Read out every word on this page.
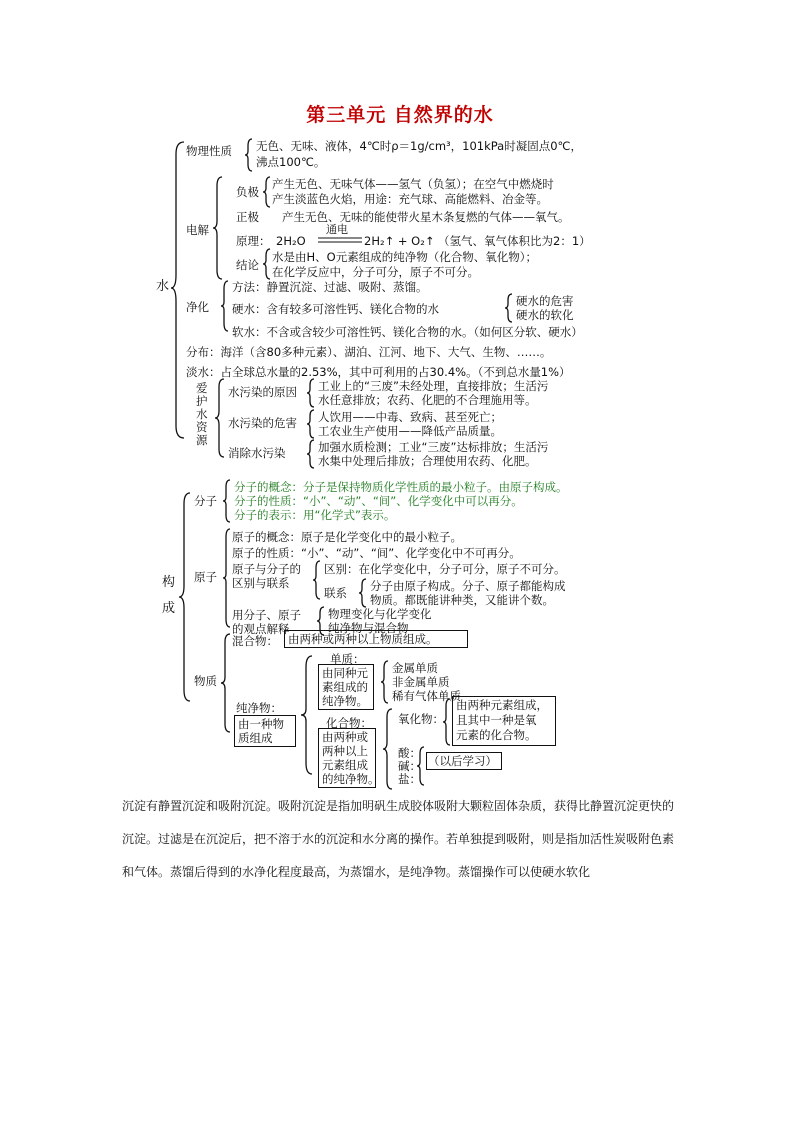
第三单元 自然界的水
水
物理性质 无色、无味、液体，4℃时ρ＝1g/cm³，101kPa时凝固点0℃，
沸点100℃。
电解
负极
产生无色、无味气体——氢气（负氢）；在空气中燃烧时
产生淡蓝色火焰，用途：充气球、高能燃料、冶金等。
正极 产生无色、无味的能使带火星木条复燃的气体——氧气。
原理： 2H₂O
通电
2H₂↑ + O₂↑ （氢气、氧气体积比为2：1）
结论
水是由H、O元素组成的纯净物（化合物、氧化物）；
在化学反应中，分子可分，原子不可分。
净化
方法：静置沉淀、过滤、吸附、蒸馏。
硬水：含有较多可溶性钙、镁化合物的水
硬水的危害
硬水的软化
软水：不含或含较少可溶性钙、镁化合物的水。（如何区分软、硬水）
分布：海洋（含80多种元素）、湖泊、江河、地下、大气、生物、……。
淡水：占全球总水量的2.53%，其中可利用的占30.4%。（不到总水量1%）
爱护水资源
水污染的原因 工业上的“三废”未经处理，直接排放；生活污
水任意排放；农药、化肥的不合理施用等。
水污染的危害 人饮用——中毒、致病、甚至死亡；
工农业生产使用——降低产品质量。
消除水污染	加强水质检测；工业“三废”达标排放；生活污
水集中处理后排放；合理使用农药、化肥。
构成
分子
分子的概念：分子是保持物质化学性质的最小粒子。由原子构成。
分子的性质：“小”、“动”、“间”、化学变化中可以再分。
分子的表示：用“化学式”表示。
原子
原子的概念：原子是化学变化中的最小粒子。
原子的性质：“小”、“动”、“间”、化学变化中不可再分。
原子与分子的
区别与联系
区别：在化学变化中，分子可分，原子不可分。
联系 分子由原子构成。分子、原子都能构成
物质。都既能讲种类，又能讲个数。
用分子、原子
的观点解释
物理变化与化学变化
纯净物与混合物
物质
混合物： 由两种或两种以上物质组成。
纯净物：
由一种物
质组成
单质：
由同种元
素组成的
纯净物。
金属单质
非金属单质
稀有气体单质
化合物：
由两种或
两种以上
元素组成
的纯净物。
氧化物：
由两种元素组成，
且其中一种是氧
元素的化合物。
酸：
碱：
盐：
（以后学习）
沉淀有静置沉淀和吸附沉淀。吸附沉淀是指加明矾生成胶体吸附大颗粒固体杂质，获得比静置沉淀更快的沉淀。过滤是在沉淀后，把不溶于水的沉淀和水分离的操作。若单独提到吸附，则是指加活性炭吸附色素和气体。蒸馏后得到的水净化程度最高，为蒸馏水，是纯净物。蒸馏操作可以使硬水软化
